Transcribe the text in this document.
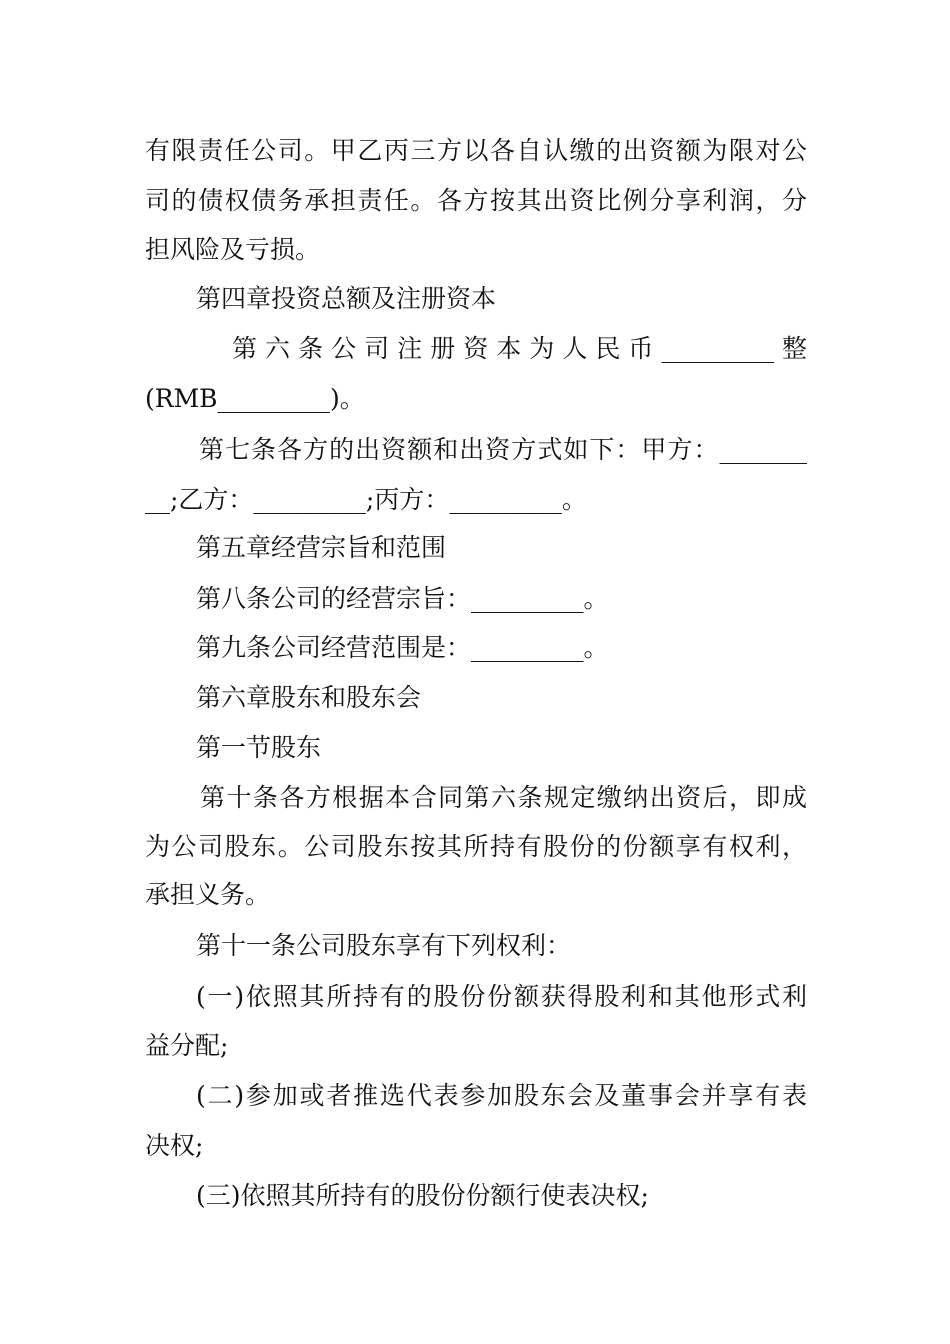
有限责任公司。甲乙丙三方以各自认缴的出资额为限对公
司的债权债务承担责任。各方按其出资比例分享利润，分
担风险及亏损。
第四章投资总额及注册资本
第六条公司注册资本为人民币_________整
(RMB_________)。
第七条各方的出资额和出资方式如下：甲方：_______
__;乙方：_________;丙方：_________。
第五章经营宗旨和范围
第八条公司的经营宗旨：_________。
第九条公司经营范围是：_________。
第六章股东和股东会
第一节股东
第十条各方根据本合同第六条规定缴纳出资后，即成
为公司股东。公司股东按其所持有股份的份额享有权利，
承担义务。
第十一条公司股东享有下列权利：
(一)依照其所持有的股份份额获得股利和其他形式利
益分配;
(二)参加或者推选代表参加股东会及董事会并享有表
决权;
(三)依照其所持有的股份份额行使表决权;
